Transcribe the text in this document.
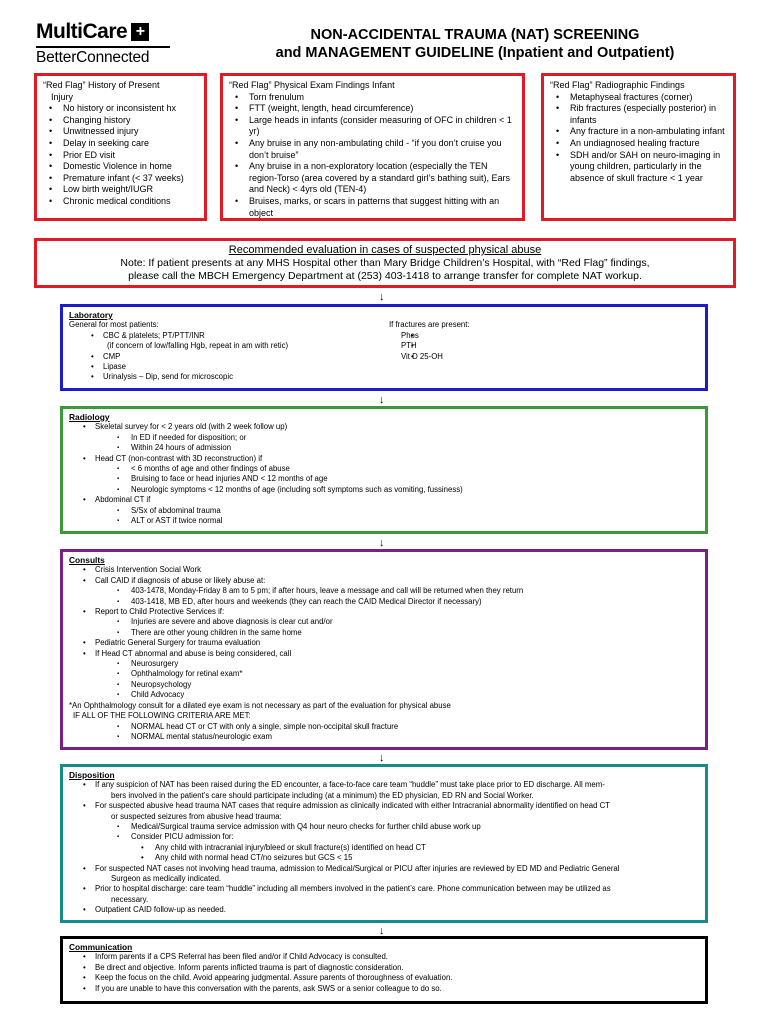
MultiCare +
BetterConnected
NON-ACCIDENTAL TRAUMA (NAT) SCREENING
and MANAGEMENT GUIDELINE (Inpatient and Outpatient)
“Red Flag” History of Present
Injury
• No history or inconsistent hx
• Changing history
• Unwitnessed injury
• Delay in seeking care
• Prior ED visit
• Domestic Violence in home
• Premature infant (< 37 weeks)
• Low birth weight/IUGR
• Chronic medical conditions
“Red Flag” Physical Exam Findings Infant
• Torn frenulum
• FTT (weight, length, head circumference)
• Large heads in infants (consider measuring of OFC in children < 1 yr)
• Any bruise in any non-ambulating child - “if you don’t cruise you don’t bruise”
• Any bruise in a non-exploratory location (especially the TEN region-Torso (area covered by a standard girl’s bathing suit), Ears and Neck) < 4yrs old (TEN-4)
• Bruises, marks, or scars in patterns that suggest hitting with an object
“Red Flag” Radiographic Findings
• Metaphyseal fractures (corner)
• Rib fractures (especially posterior) in infants
• Any fracture in a non-ambulating infant
• An undiagnosed healing fracture
• SDH and/or SAH on neuro-imaging in young children, particularly in the absence of skull fracture < 1 year
Recommended evaluation in cases of suspected physical abuse
Note: If patient presents at any MHS Hospital other than Mary Bridge Children’s Hospital, with “Red Flag” findings,
please call the MBCH Emergency Department at (253) 403-1418 to arrange transfer for complete NAT workup.
↓
Laboratory
General for most patients:
• CBC & platelets; PT/PTT/INR
(if concern of low/falling Hgb, repeat in am with retic)
• CMP
• Lipase
• Urinalysis – Dip, send for microscopic
If fractures are present:
• Phos
• PTH
• Vit D 25-OH
↓
Radiology
• Skeletal survey for < 2 years old (with 2 week follow up)
▪ In ED if needed for disposition; or
▪ Within 24 hours of admission
• Head CT (non-contrast with 3D reconstruction) if
▪ < 6 months of age and other findings of abuse
▪ Bruising to face or head injuries AND < 12 months of age
▪ Neurologic symptoms < 12 months of age (including soft symptoms such as vomiting, fussiness)
• Abdominal CT if
▪ S/Sx of abdominal trauma
▪ ALT or AST if twice normal
↓
Consults
• Crisis Intervention Social Work
• Call CAID if diagnosis of abuse or likely abuse at:
▪ 403-1478, Monday-Friday 8 am to 5 pm; if after hours, leave a message and call will be returned when they return
▪ 403-1418, MB ED, after hours and weekends (they can reach the CAID Medical Director if necessary)
• Report to Child Protective Services if:
▪ Injuries are severe and above diagnosis is clear cut and/or
▪ There are other young children in the same home
• Pediatric General Surgery for trauma evaluation
• If Head CT abnormal and abuse is being considered, call
▪ Neurosurgery
▪ Ophthalmology for retinal exam*
▪ Neuropsychology
▪ Child Advocacy
*An Ophthalmology consult for a dilated eye exam is not necessary as part of the evaluation for physical abuse
IF ALL OF THE FOLLOWING CRITERIA ARE MET:
▪ NORMAL head CT or CT with only a single, simple non-occipital skull fracture
▪ NORMAL mental status/neurologic exam
↓
Disposition
• If any suspicion of NAT has been raised during the ED encounter, a face-to-face care team “huddle” must take place prior to ED discharge. All mem-
bers involved in the patient’s care should participate including (at a minimum) the ED physician, ED RN and Social Worker.
• For suspected abusive head trauma NAT cases that require admission as clinically indicated with either Intracranial abnormality identified on head CT
or suspected seizures from abusive head trauma:
▪ Medical/Surgical trauma service admission with Q4 hour neuro checks for further child abuse work up
▪ Consider PICU admission for:
• Any child with intracranial injury/bleed or skull fracture(s) identified on head CT
• Any child with normal head CT/no seizures but GCS < 15
• For suspected NAT cases not involving head trauma, admission to Medical/Surgical or PICU after injuries are reviewed by ED MD and Pediatric General
Surgeon as medically indicated.
• Prior to hospital discharge: care team “huddle” including all members involved in the patient’s care. Phone communication between may be utilized as
necessary.
• Outpatient CAID follow-up as needed.
↓
Communication
• Inform parents if a CPS Referral has been filed and/or if Child Advocacy is consulted.
• Be direct and objective. Inform parents inflicted trauma is part of diagnostic consideration.
• Keep the focus on the child. Avoid appearing judgmental. Assure parents of thoroughness of evaluation.
• If you are unable to have this conversation with the parents, ask SWS or a senior colleague to do so.
